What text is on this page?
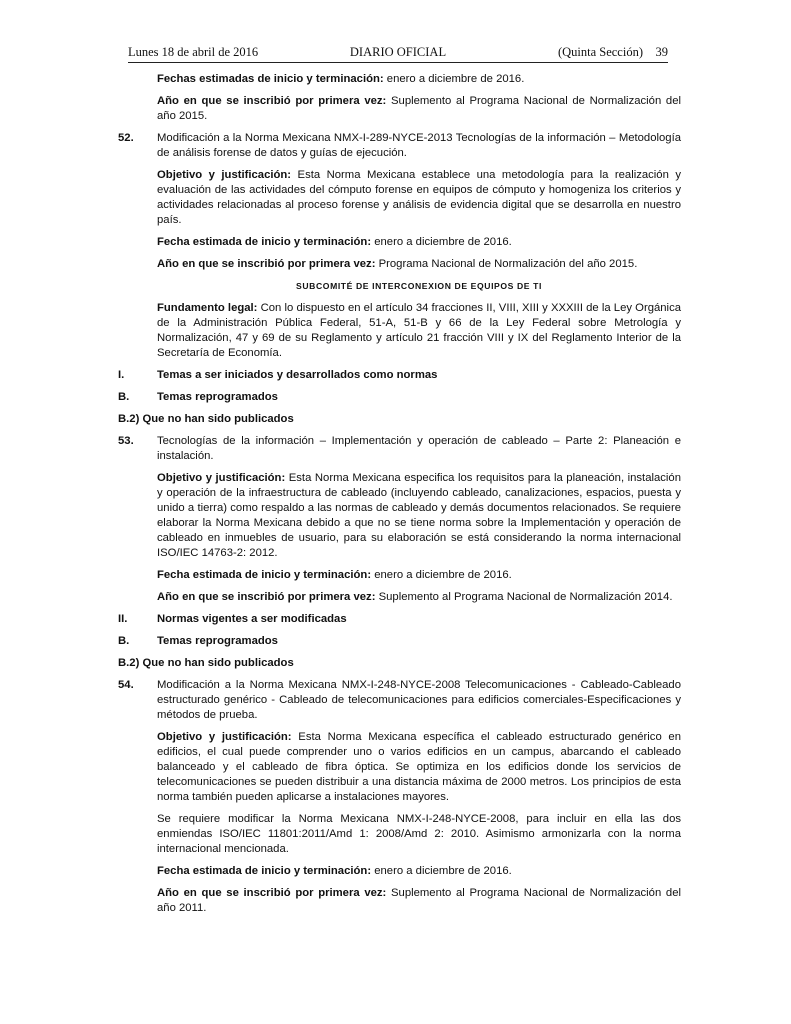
Lunes 18 de abril de 2016	DIARIO OFICIAL	(Quinta Sección) 39

Fechas estimadas de inicio y terminación: enero a diciembre de 2016.

Año en que se inscribió por primera vez: Suplemento al Programa Nacional de Normalización del año 2015.

52.	Modificación a la Norma Mexicana NMX-I-289-NYCE-2013 Tecnologías de la información – Metodología de análisis forense de datos y guías de ejecución.

Objetivo y justificación: Esta Norma Mexicana establece una metodología para la realización y evaluación de las actividades del cómputo forense en equipos de cómputo y homogeniza los criterios y actividades relacionadas al proceso forense y análisis de evidencia digital que se desarrolla en nuestro país.

Fecha estimada de inicio y terminación: enero a diciembre de 2016.

Año en que se inscribió por primera vez: Programa Nacional de Normalización del año 2015.

SUBCOMITÉ DE INTERCONEXION DE EQUIPOS DE TI

Fundamento legal: Con lo dispuesto en el artículo 34 fracciones II, VIII, XIII y XXXIII de la Ley Orgánica de la Administración Pública Federal, 51-A, 51-B y 66 de la Ley Federal sobre Metrología y Normalización, 47 y 69 de su Reglamento y artículo 21 fracción VIII y IX del Reglamento Interior de la Secretaría de Economía.

I.	Temas a ser iniciados y desarrollados como normas
B.	Temas reprogramados

B.2) Que no han sido publicados

53.	Tecnologías de la información – Implementación y operación de cableado – Parte 2: Planeación e instalación.

Objetivo y justificación: Esta Norma Mexicana especifica los requisitos para la planeación, instalación y operación de la infraestructura de cableado (incluyendo cableado, canalizaciones, espacios, puesta y unido a tierra) como respaldo a las normas de cableado y demás documentos relacionados. Se requiere elaborar la Norma Mexicana debido a que no se tiene norma sobre la Implementación y operación de cableado en inmuebles de usuario, para su elaboración se está considerando la norma internacional ISO/IEC 14763-2: 2012.

Fecha estimada de inicio y terminación: enero a diciembre de 2016.

Año en que se inscribió por primera vez: Suplemento al Programa Nacional de Normalización 2014.

II.	Normas vigentes a ser modificadas
B.	Temas reprogramados

B.2) Que no han sido publicados

54.	Modificación a la Norma Mexicana NMX-I-248-NYCE-2008 Telecomunicaciones - Cableado-Cableado estructurado genérico - Cableado de telecomunicaciones para edificios comerciales-Especificaciones y métodos de prueba.

Objetivo y justificación: Esta Norma Mexicana específica el cableado estructurado genérico en edificios, el cual puede comprender uno o varios edificios en un campus, abarcando el cableado balanceado y el cableado de fibra óptica. Se optimiza en los edificios donde los servicios de telecomunicaciones se pueden distribuir a una distancia máxima de 2000 metros. Los principios de esta norma también pueden aplicarse a instalaciones mayores.

Se requiere modificar la Norma Mexicana NMX-I-248-NYCE-2008, para incluir en ella las dos enmiendas ISO/IEC 11801:2011/Amd 1: 2008/Amd 2: 2010. Asimismo armonizarla con la norma internacional mencionada.

Fecha estimada de inicio y terminación: enero a diciembre de 2016.

Año en que se inscribió por primera vez: Suplemento al Programa Nacional de Normalización del año 2011.
